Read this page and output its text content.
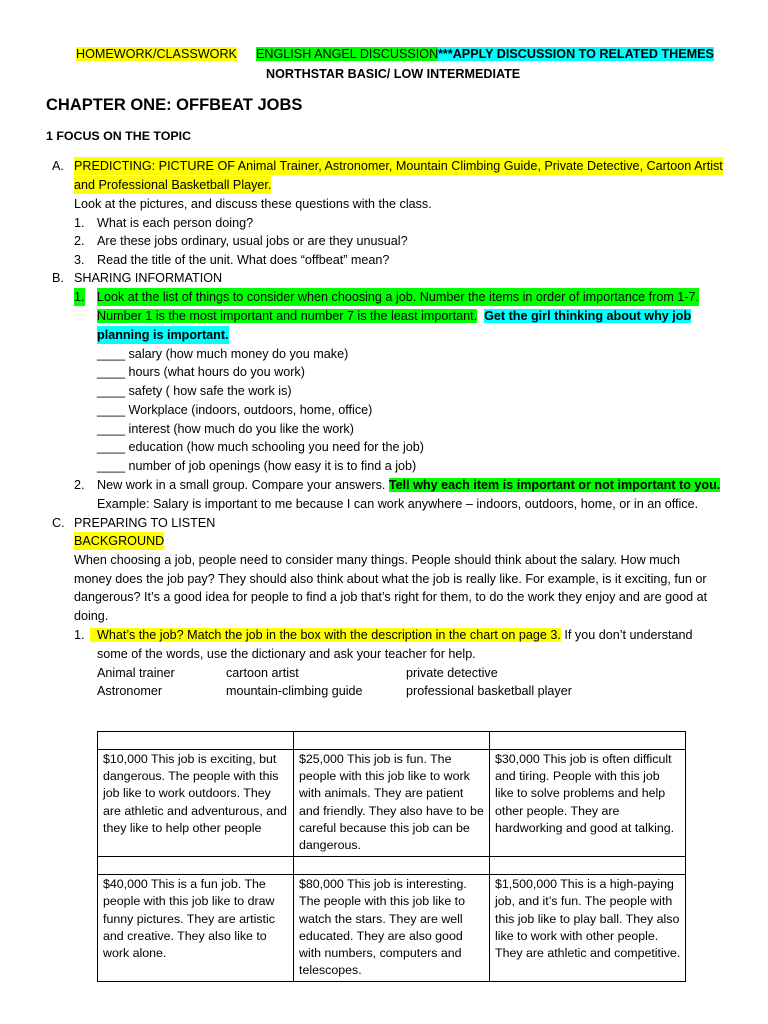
HOMEWORK/CLASSWORK ENGLISH ANGEL DISCUSSION ***APPLY DISCUSSION TO RELATED THEMES
NORTHSTAR BASIC/ LOW INTERMEDIATE
CHAPTER ONE: OFFBEAT JOBS
1 FOCUS ON THE TOPIC
A. PREDICTING: PICTURE OF Animal Trainer, Astronomer, Mountain Climbing Guide, Private Detective, Cartoon Artist
and Professional Basketball Player.
Look at the pictures, and discuss these questions with the class.
1. What is each person doing?
2. Are these jobs ordinary, usual jobs or are they unusual?
3. Read the title of the unit. What does “offbeat” mean?
B. SHARING INFORMATION
1. Look at the list of things to consider when choosing a job. Number the items in order of importance from 1-7.
Number 1 is the most important and number 7 is the least important. Get the girl thinking about why job
planning is important.
____ salary (how much money do you make)
____ hours (what hours do you work)
____ safety ( how safe the work is)
____ Workplace (indoors, outdoors, home, office)
____ interest (how much do you like the work)
____ education (how much schooling you need for the job)
____ number of job openings (how easy it is to find a job)
2. New work in a small group. Compare your answers. Tell why each item is important or not important to you.
Example: Salary is important to me because I can work anywhere – indoors, outdoors, home, or in an office.
C. PREPARING TO LISTEN
BACKGROUND
When choosing a job, people need to consider many things. People should think about the salary. How much
money does the job pay? They should also think about what the job is really like. For example, is it exciting, fun or
dangerous? It’s a good idea for people to find a job that’s right for them, to do the work they enjoy and are good at
doing.
1. What’s the job? Match the job in the box with the description in the chart on page 3. If you don’t understand
some of the words, use the dictionary and ask your teacher for help.
Animal trainer	cartoon artist	private detective
Astronomer	mountain-climbing guide	professional basketball player

$10,000 This job is exciting, but dangerous. The people with this job like to work outdoors. They are athletic and adventurous, and they like to help other people	$25,000 This job is fun. The people with this job like to work with animals. They are patient and friendly. They also have to be careful because this job can be dangerous.	$30,000 This job is often difficult and tiring. People with this job like to solve problems and help other people. They are hardworking and good at talking.

$40,000 This is a fun job. The people with this job like to draw funny pictures. They are artistic and creative. They also like to work alone.	$80,000 This job is interesting. The people with this job like to watch the stars. They are well educated. They are also good with numbers, computers and telescopes.	$1,500,000 This is a high-paying job, and it’s fun. The people with this job like to play ball. They also like to work with other people. They are athletic and competitive.
